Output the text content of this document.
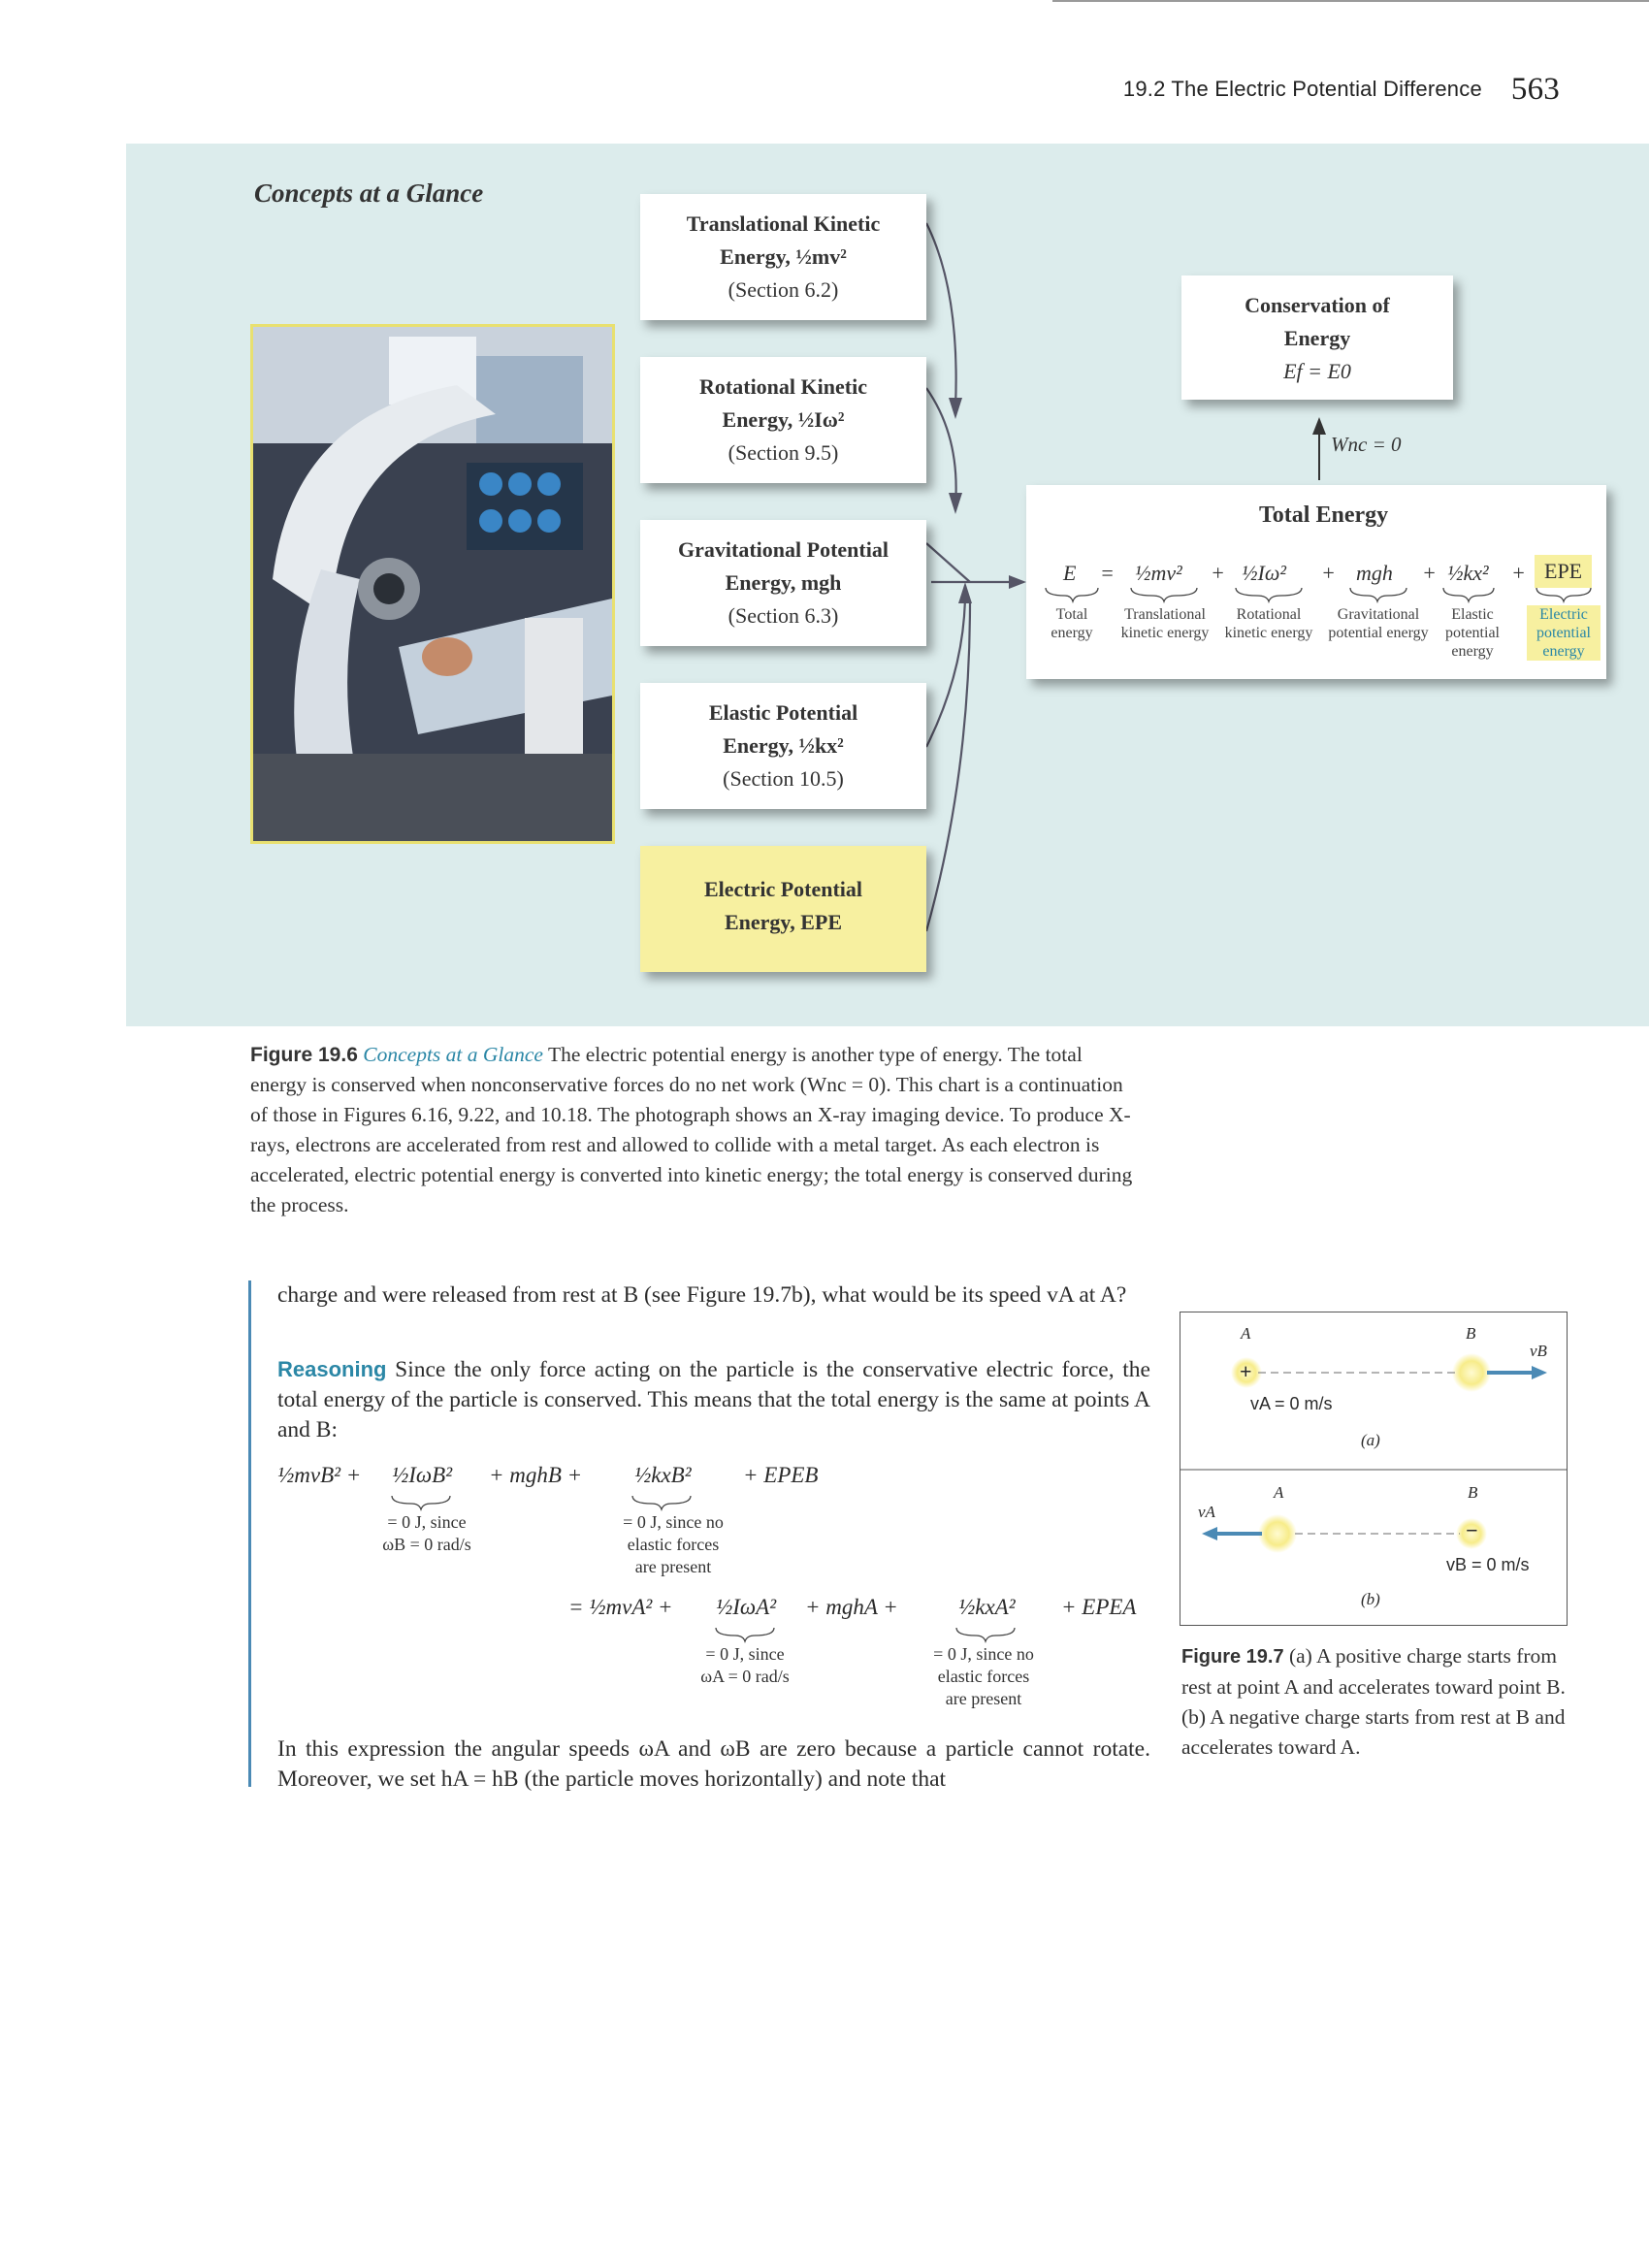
19.2 The Electric Potential Difference 563
Concepts at a Glance
Translational Kinetic
Energy, ½mv²
(Section 6.2)
Rotational Kinetic
Energy, ½Iω²
(Section 9.5)
Gravitational Potential
Energy, mgh
(Section 6.3)
Elastic Potential
Energy, ½kx²
(Section 10.5)
Electric Potential
Energy, EPE
Conservation of
Energy
Ef = E0
Wnc = 0
Total Energy
E = ½mv² + ½Iω² + mgh + ½kx² + EPE
Total energy
Translational kinetic energy
Rotational kinetic energy
Gravitational potential energy
Elastic potential energy
Electric potential energy
Figure 19.6 Concepts at a Glance The electric potential energy is another type of energy. The total energy is conserved when nonconservative forces do no net work (Wnc = 0). This chart is a continuation of those in Figures 6.16, 9.22, and 10.18. The photograph shows an X-ray imaging device. To produce X-rays, electrons are accelerated from rest and allowed to collide with a metal target. As each electron is accelerated, electric potential energy is converted into kinetic energy; the total energy is conserved during the process.
charge and were released from rest at B (see Figure 19.7b), what would be its speed vA at A?
Reasoning Since the only force acting on the particle is the conservative electric force, the total energy of the particle is conserved. This means that the total energy is the same at points A and B:
½mvB² + ½IωB² + mghB + ½kxB² + EPEB
= 0 J, since
ωB = 0 rad/s
= 0 J, since no
elastic forces
are present
= ½mvA² + ½IωA² + mghA +	½kxA² + EPEA
= 0 J, since
ωA = 0 rad/s
= 0 J, since no
elastic forces
are present
In this expression the angular speeds ωA and ωB are zero because a particle cannot rotate. Moreover, we set hA = hB (the particle moves horizontally) and note that
A	B
vB
+
vA = 0 m/s
(a)
A	B
vA
−
vB = 0 m/s
(b)
Figure 19.7 (a) A positive charge starts from rest at point A and accelerates toward point B. (b) A negative charge starts from rest at B and accelerates toward A.
